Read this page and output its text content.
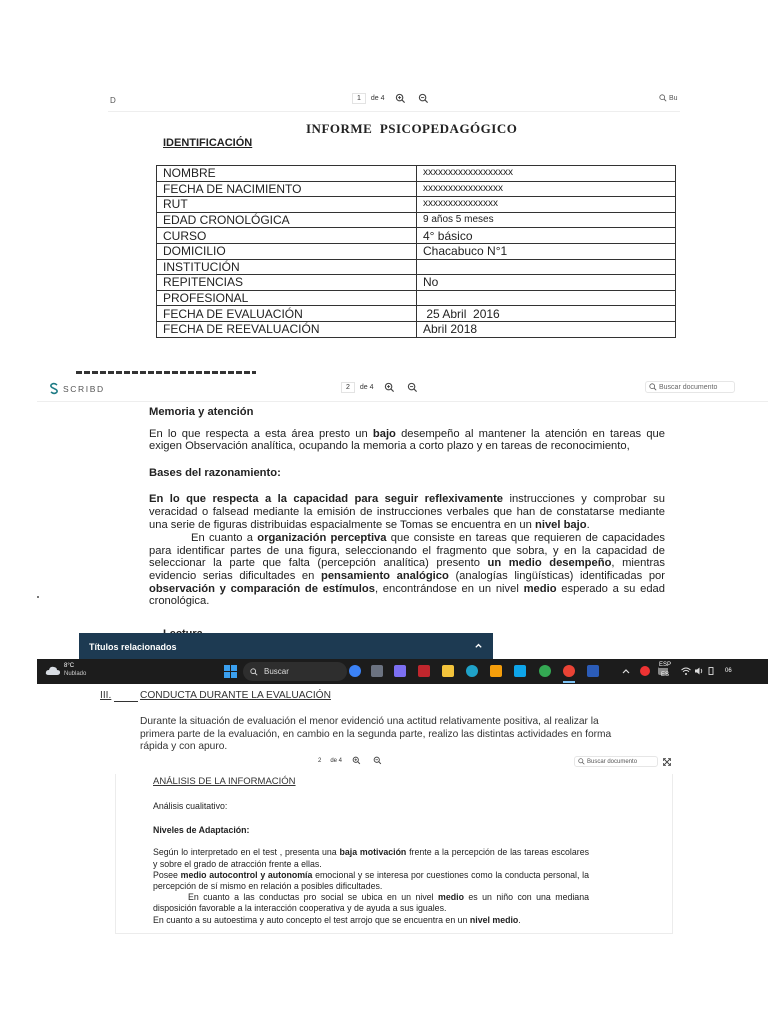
D	1	de 4	Bu
INFORME  PSICOPEDAGÓGICO
IDENTIFICACIÓN
NOMBRE	xxxxxxxxxxxxxxxxxx
FECHA DE NACIMIENTO	xxxxxxxxxxxxxxxx
RUT	xxxxxxxxxxxxxxx
EDAD CRONOLÓGICA	9 años 5 meses
CURSO	4° básico
DOMICILIO	Chacabuco N°1
INSTITUCIÓN	
REPITENCIAS	No
PROFESIONAL	
FECHA DE EVALUACIÓN	25 Abril  2016
FECHA DE REEVALUACIÓN	Abril 2018
SCRIBD	2	de 4	Buscar documento
Memoria y atención

En lo que respecta a esta área presto un bajo desempeño al mantener la atención en tareas que exigen Observación analítica, ocupando la memoria a corto plazo y en tareas de reconocimiento,

Bases del razonamiento:

En lo que respecta a la capacidad para seguir reflexivamente instrucciones y comprobar su veracidad o falsead mediante la emisión de instrucciones verbales que han de constatarse mediante una serie de figuras distribuidas espacialmente se Tomas se encuentra en un nivel bajo.

En cuanto a organización perceptiva que consiste en tareas que requieren de capacidades para identificar partes de una figura, seleccionando el fragmento que sobra, y en la capacidad de seleccionar la parte que falta (percepción analítica) presento un medio desempeño, mientras evidencio serias dificultades en pensamiento analógico (analogías lingüísticas) identificadas por observación y comparación de estímulos, encontrándose en un nivel medio esperado a su edad cronológica.

Títulos relacionados
8°C
Nublado	Buscar
ESP
ES
06
III.	CONDUCTA DURANTE LA EVALUACIÓN

Durante la situación de evaluación el menor evidenció una actitud relativamente positiva, al realizar la primera parte de la evaluación, en cambio en la segunda parte, realizo las distintas actividades en forma rápida y con apuro.

2	de 4	Buscar documento
ANÁLISIS DE LA INFORMACIÓN

Análisis cualitativo:

Niveles de Adaptación:

Según lo interpretado en el test , presenta una baja motivación frente a la percepción de las tareas escolares y sobre el grado de atracción frente a ellas.

Posee medio autocontrol y autonomía emocional y se interesa por cuestiones como la conducta personal, la percepción de sí mismo en relación a posibles dificultades.

En cuanto a las conductas pro social se ubica en un nivel medio es un niño con una mediana disposición favorable a la interacción cooperativa y de ayuda a sus iguales.

En cuanto a su autoestima y auto concepto el test arrojo que se encuentra en un nivel medio.
